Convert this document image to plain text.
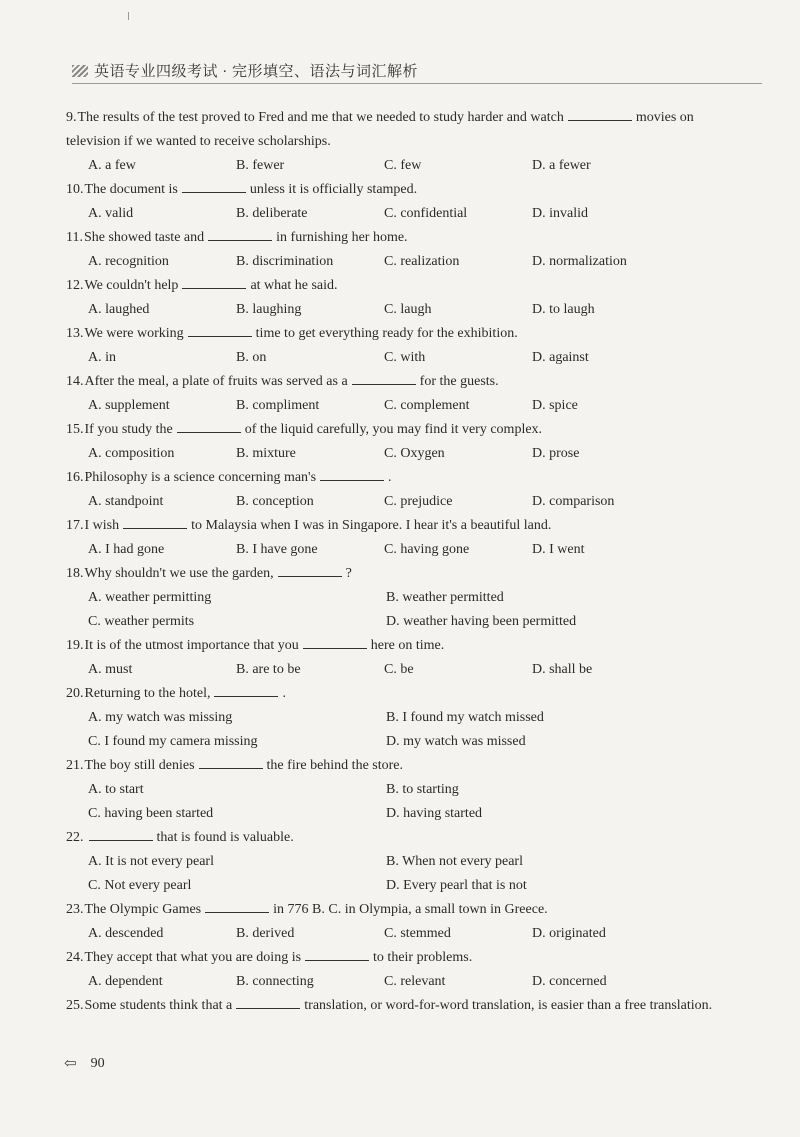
英语专业四级考试 · 完形填空、语法与词汇解析
9.The results of the test proved to Fred and me that we needed to study harder and watch	movies on television if we wanted to receive scholarships.
A. a few	B. fewer	C. few	D. a fewer
10.The document is	unless it is officially stamped.
A. valid	B. deliberate	C. confidential	D. invalid
11.She showed taste and	in furnishing her home.
A. recognition	B. discrimination	C. realization	D. normalization
12.We couldn't help	at what he said.
A. laughed	B. laughing	C. laugh	D. to laugh
13.We were working	time to get everything ready for the exhibition.
A. in	B. on	C. with	D. against
14.After the meal, a plate of fruits was served as a	for the guests.
A. supplement	B. compliment	C. complement	D. spice
15.If you study the	of the liquid carefully, you may find it very complex.
A. composition	B. mixture	C. Oxygen	D. prose
16.Philosophy is a science concerning man's	.
A. standpoint	B. conception	C. prejudice	D. comparison
17.I wish	to Malaysia when I was in Singapore. I hear it's a beautiful land.
A. I had gone	B. I have gone	C. having gone	D. I went
18.Why shouldn't we use the garden,	?
A. weather permitting	B. weather permitted
C. weather permits	D. weather having been permitted
19.It is of the utmost importance that you	here on time.
A. must	B. are to be	C. be	D. shall be
20.Returning to the hotel,	.
A. my watch was missing	B. I found my watch missed
C. I found my camera missing	D. my watch was missed
21.The boy still denies	the fire behind the store.
A. to start	B. to starting
C. having been started	D. having started
22.	that is found is valuable.
A. It is not every pearl	B. When not every pearl
C. Not every pearl	D. Every pearl that is not
23.The Olympic Games	in 776 B. C. in Olympia, a small town in Greece.
A. descended	B. derived	C. stemmed	D. originated
24.They accept that what you are doing is	to their problems.
A. dependent	B. connecting	C. relevant	D. concerned
25.Some students think that a	translation, or word-for-word translation, is easier than a free translation.
⇦ 90
